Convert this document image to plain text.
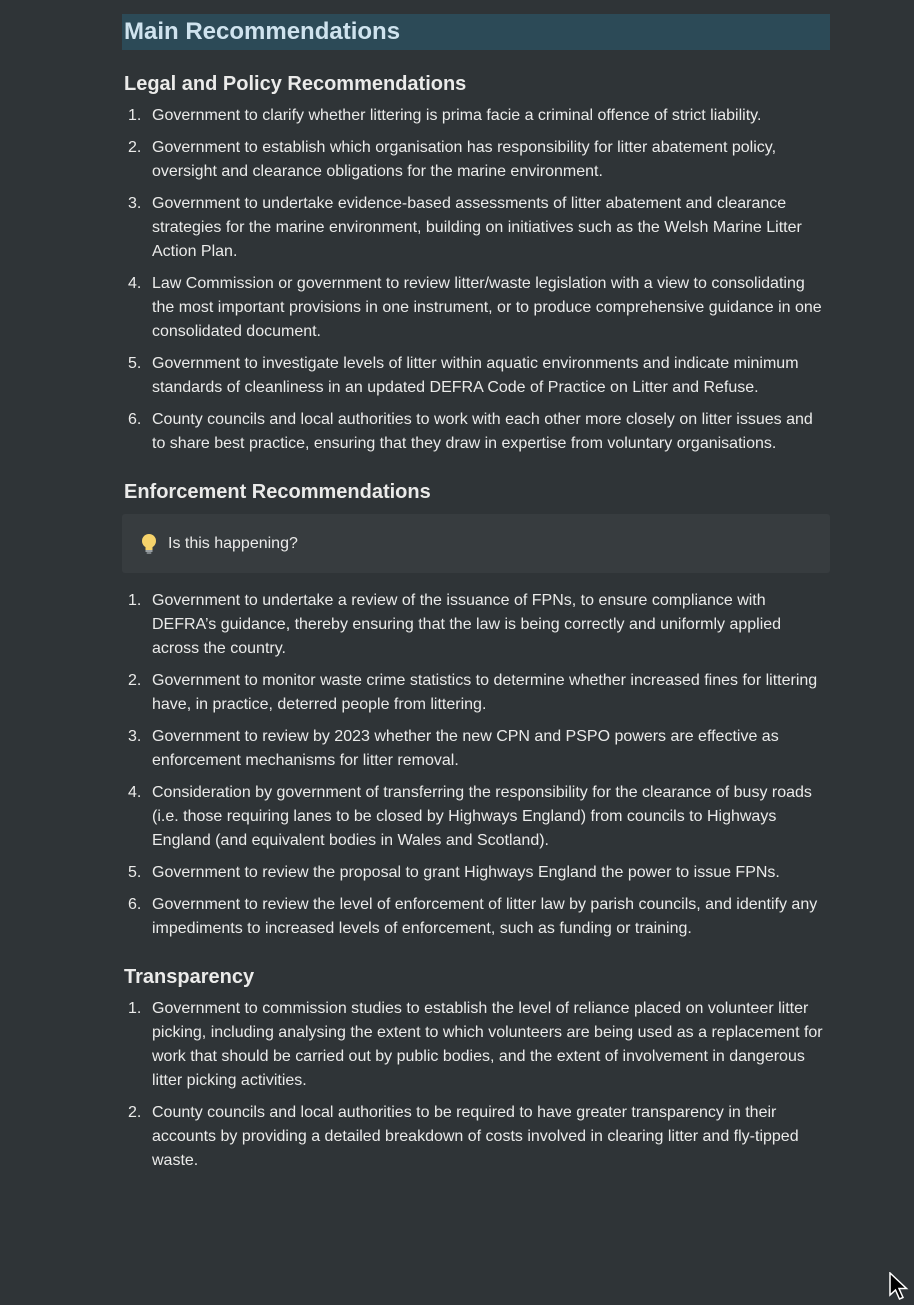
Main Recommendations
Legal and Policy Recommendations
1. Government to clarify whether littering is prima facie a criminal offence of strict liability.
2. Government to establish which organisation has responsibility for litter abatement policy, oversight and clearance obligations for the marine environment.
3. Government to undertake evidence-based assessments of litter abatement and clearance strategies for the marine environment, building on initiatives such as the Welsh Marine Litter Action Plan.
4. Law Commission or government to review litter/waste legislation with a view to consolidating the most important provisions in one instrument, or to produce comprehensive guidance in one consolidated document.
5. Government to investigate levels of litter within aquatic environments and indicate minimum standards of cleanliness in an updated DEFRA Code of Practice on Litter and Refuse.
6. County councils and local authorities to work with each other more closely on litter issues and to share best practice, ensuring that they draw in expertise from voluntary organisations.
Enforcement Recommendations
Is this happening?
1. Government to undertake a review of the issuance of FPNs, to ensure compliance with DEFRA’s guidance, thereby ensuring that the law is being correctly and uniformly applied across the country.
2. Government to monitor waste crime statistics to determine whether increased fines for littering have, in practice, deterred people from littering.
3. Government to review by 2023 whether the new CPN and PSPO powers are effective as enforcement mechanisms for litter removal.
4. Consideration by government of transferring the responsibility for the clearance of busy roads (i.e. those requiring lanes to be closed by Highways England) from councils to Highways England (and equivalent bodies in Wales and Scotland).
5. Government to review the proposal to grant Highways England the power to issue FPNs.
6. Government to review the level of enforcement of litter law by parish councils, and identify any impediments to increased levels of enforcement, such as funding or training.
Transparency
1. Government to commission studies to establish the level of reliance placed on volunteer litter picking, including analysing the extent to which volunteers are being used as a replacement for work that should be carried out by public bodies, and the extent of involvement in dangerous litter picking activities.
2. County councils and local authorities to be required to have greater transparency in their accounts by providing a detailed breakdown of costs involved in clearing litter and fly-tipped waste.
